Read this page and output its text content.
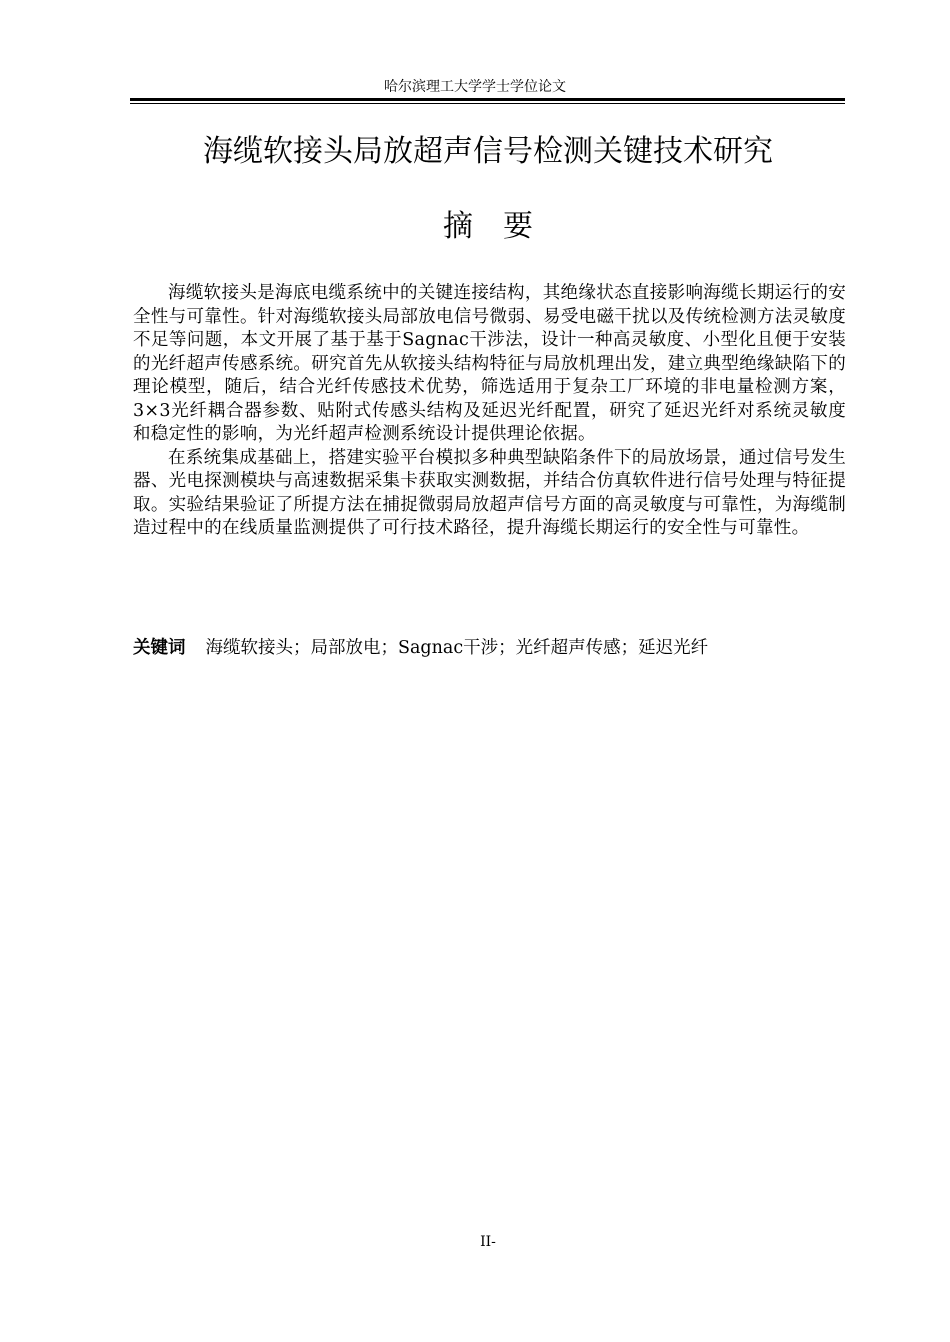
哈尔滨理工大学学士学位论文
海缆软接头局放超声信号检测关键技术研究
摘要

海缆软接头是海底电缆系统中的关键连接结构，其绝缘状态直接影响海缆长期运行的安全性与可靠性。针对海缆软接头局部放电信号微弱、易受电磁干扰以及传统检测方法灵敏度不足等问题，本文开展了基于基于Sagnac干涉法，设计一种高灵敏度、小型化且便于安装的光纤超声传感系统。研究首先从软接头结构特征与局放机理出发，建立典型绝缘缺陷下的理论模型，随后，结合光纤传感技术优势，筛选适用于复杂工厂环境的非电量检测方案，3×3光纤耦合器参数、贴附式传感头结构及延迟光纤配置，研究了延迟光纤对系统灵敏度和稳定性的影响，为光纤超声检测系统设计提供理论依据。

在系统集成基础上，搭建实验平台模拟多种典型缺陷条件下的局放场景，通过信号发生器、光电探测模块与高速数据采集卡获取实测数据，并结合仿真软件进行信号处理与特征提取。实验结果验证了所提方法在捕捉微弱局放超声信号方面的高灵敏度与可靠性，为海缆制造过程中的在线质量监测提供了可行技术路径，提升海缆长期运行的安全性与可靠性。

关键词 海缆软接头；局部放电；Sagnac干涉；光纤超声传感；延迟光纤
II-
